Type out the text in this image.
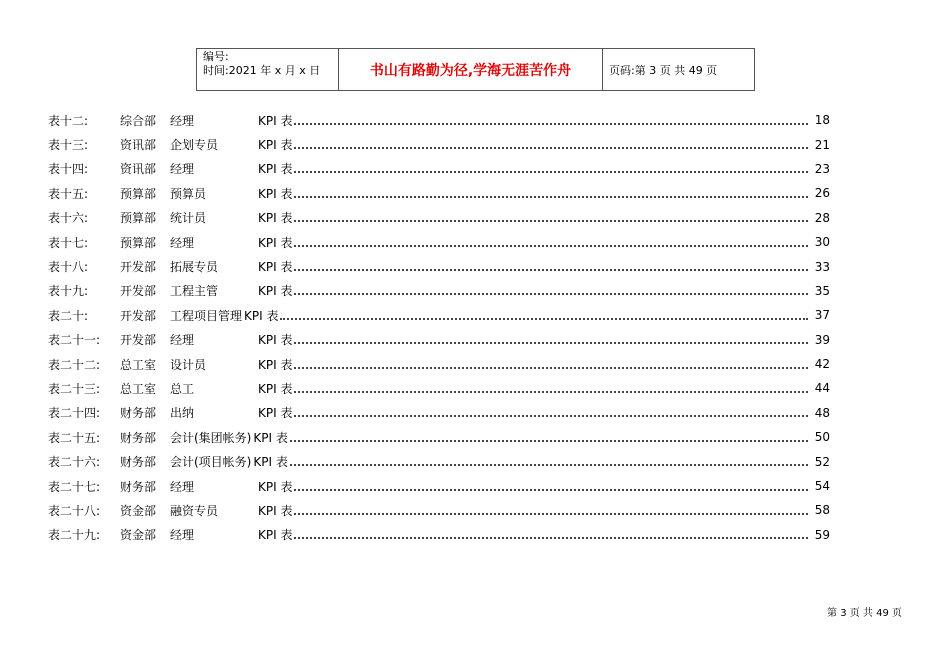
编号:
时间:2021 年 x 月 x 日	书山有路勤为径,学海无涯苦作舟	页码:第 3 页 共 49 页
表十二:	综合部	经理	KPI 表	18
表十三:	资讯部	企划专员	KPI 表	21
表十四:	资讯部	经理	KPI 表	23
表十五:	预算部	预算员	KPI 表	26
表十六:	预算部	统计员	KPI 表	28
表十七:	预算部	经理	KPI 表	30
表十八:	开发部	拓展专员	KPI 表	33
表十九:	开发部	工程主管	KPI 表	35
表二十:	开发部	工程项目管理 KPI 表	37
表二十一:	开发部	经理	KPI 表	39
表二十二:	总工室	设计员	KPI 表	42
表二十三:	总工室	总工	KPI 表	44
表二十四:	财务部	出纳	KPI 表	48
表二十五:	财务部	会计(集团帐务) KPI 表	50
表二十六:	财务部	会计(项目帐务) KPI 表	52
表二十七:	财务部	经理	KPI 表	54
表二十八:	资金部	融资专员	KPI 表	58
表二十九:	资金部	经理	KPI 表	59
第 3 页 共 49 页
